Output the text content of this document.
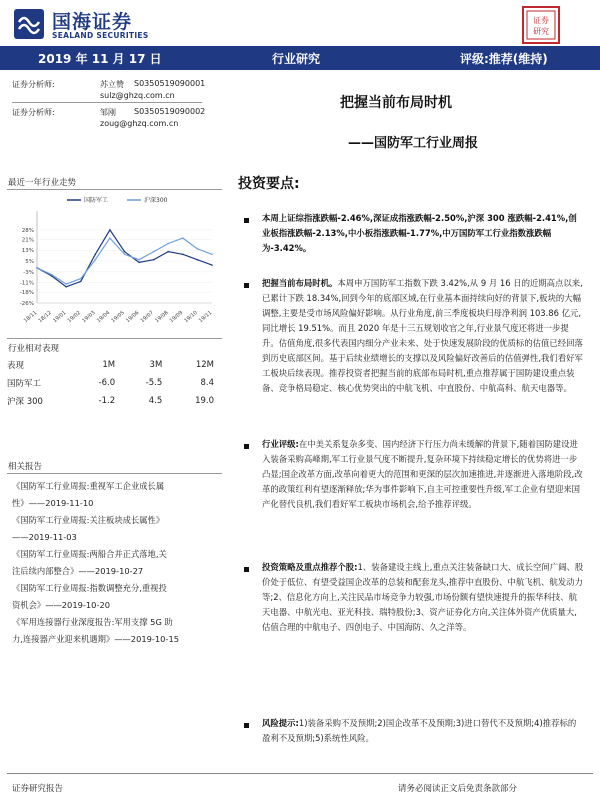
国海证券
SEALAND SECURITIES
证券
研究
2019 年 11 月 17 日	行业研究	评级:推荐(维持)
证券分析师:	苏立赞 S0350519090001
sulz@ghzq.com.cn
证券分析师:	邹刚 S0350519090002
zoug@ghzq.com.cn
把握当前布局时机
——国防军工行业周报
最近一年行业走势
国防军工	沪深300
18/11 18/12 19/01 19/02 19/03 19/04 19/05 19/06 19/07 19/08 19/09 19/10 19/11
-26%
-18%
-11%
-3%
5%
13%
21%
28%
行业相对表现
表现	1M	3M	12M
国防军工	-6.0	-5.5	8.4
沪深 300	-1.2	4.5	19.0
相关报告
《国防军工行业周报:重视军工企业成长属
性》——2019-11-10
《国防军工行业周报:关注板块成长属性》
——2019-11-03
《国防军工行业周报:两船合并正式落地,关
注后续内部整合》——2019-10-27
《国防军工行业周报:指数调整充分,重视投
资机会》——2019-10-20
《军用连接器行业深度报告:军用支撑 5G 助
力,连接器产业迎来机遇期》——2019-10-15
投资要点:
本周上证综指涨跌幅-2.46%,深证成指涨跌幅-2.50%,沪深 300 涨跌幅-2.41%,创业板指涨跌幅-2.13%,中小板指涨跌幅-1.77%,中万国防军工行业指数涨跌幅为-3.42%。
把握当前布局时机。本周申万国防军工指数下跌 3.42%,从 9 月 16 日的近期高点以来,已累计下跌 18.34%,回到今年的底部区域,在行业基本面持续向好的背景下,板块的大幅调整,主要是受市场风险偏好影响。从行业角度,前三季度板块归母净利润 103.86 亿元,同比增长 19.51%。而且 2020 年是十三五规划收官之年,行业景气度还将进一步提升。估值角度,很多代表国内细分产业未来、处于快速发展阶段的优质标的估值已经回落到历史底部区间。基于后续业绩增长的支撑以及风险偏好改善后的估值弹性,我们看好军工板块后续表现。推荐投资者把握当前的底部布局时机,重点推荐属于国防建设重点装备、竞争格局稳定、核心优势突出的中航飞机、中直股份、中航高科、航天电器等。
行业评级:在中美关系复杂多变、国内经济下行压力尚未缓解的背景下,随着国防建设进入装备采购高峰期,军工行业景气度不断提升,复杂环境下持续稳定增长的优势将进一步凸显;国企改革方面,改革向着更大的范围和更深的层次加速推进,并逐渐进入落地阶段,改革的政策红利有望逐渐释放;华为事件影响下,自主可控重要性升级,军工企业有望迎来国产化替代良机,我们看好军工板块市场机会,给予推荐评级。
投资策略及重点推荐个股:1、装备建设主线上,重点关注装备缺口大、成长空间广阔、股价处于低位、有望受益国企改革的总装和配套龙头,推荐中直股份、中航飞机、航发动力等;2、信息化方向上,关注民品市场竞争力较强,市场份额有望快速提升的振华科技、航天电器、中航光电、亚光科技、瑞特股份;3、资产证券化方向,关注体外资产优质量大,估值合理的中航电子、四创电子、中国海防、久之洋等。
风险提示:1)装备采购不及预期;2)国企改革不及预期;3)进口替代不及预期;4)推荐标的盈利不及预期;5)系统性风险。
证券研究报告	请务必阅读正文后免责条款部分
